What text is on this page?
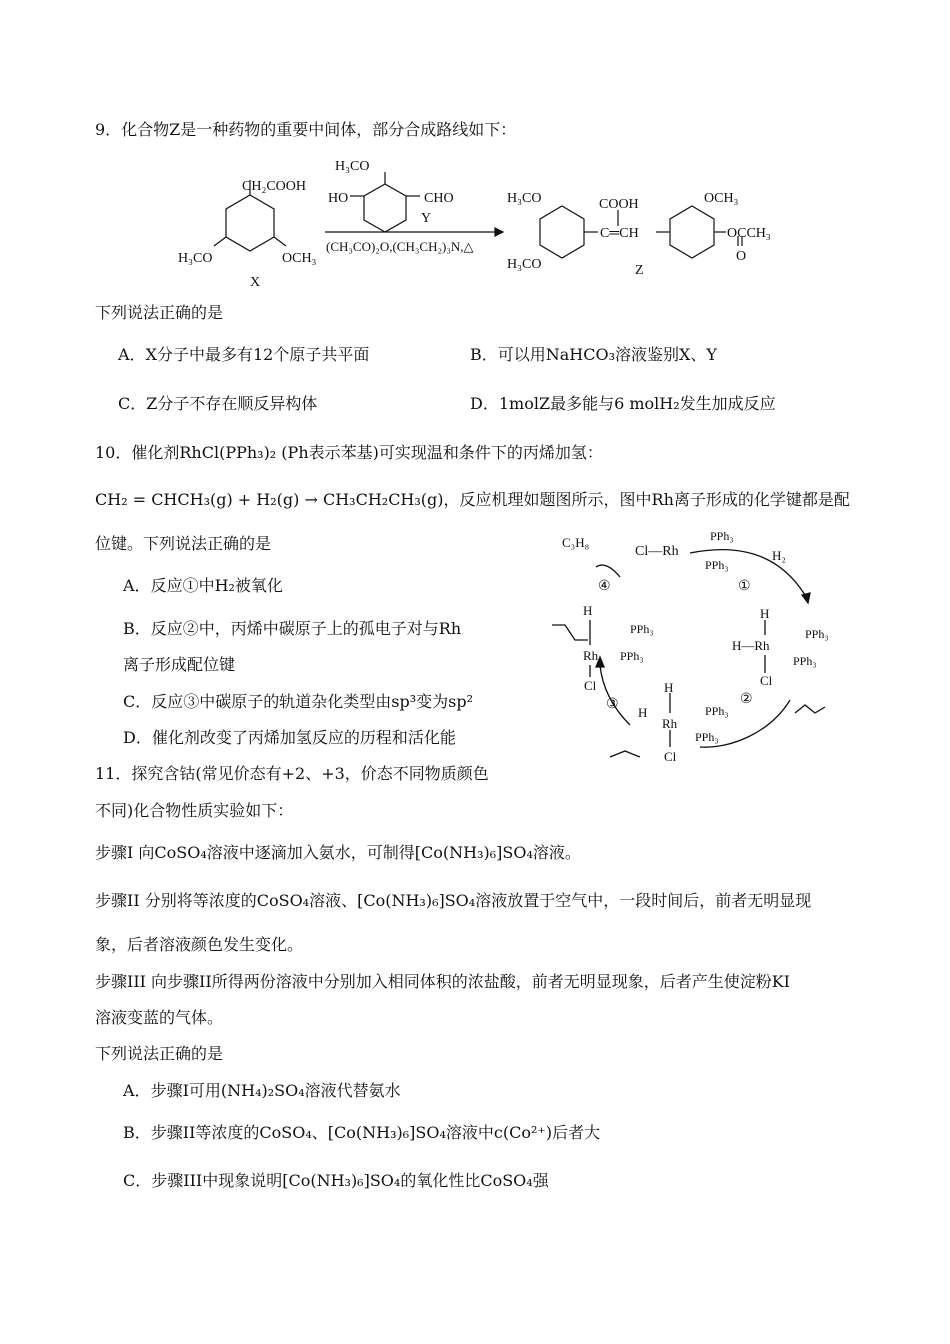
9．化合物Z是一种药物的重要中间体，部分合成路线如下：
CH₂COOH
H₃CO	OCH₃
X
H₃CO
HO	CHO
Y
(CH₃CO)₂O,(CH₃CH₂)₃N,△
H₃CO
H₃CO
COOH
C═CH
OCH₃
OCCH₃
O
Z
下列说法正确的是
A．X分子中最多有12个原子共平面	B．可以用NaHCO₃溶液鉴别X、Y
C．Z分子不存在顺反异构体	D．1molZ最多能与6 molH₂发生加成反应
10．催化剂RhCl(PPh₃)₂ (Ph表示苯基)可实现温和条件下的丙烯加氢：
CH₂ = CHCH₃(g) + H₂(g) → CH₃CH₂CH₃(g)，反应机理如题图所示，图中Rh离子形成的化学键都是配
位键。下列说法正确的是
A．反应①中H₂被氧化
B．反应②中，丙烯中碳原子上的孤电子对与Rh
离子形成配位键
C．反应③中碳原子的轨道杂化类型由sp³变为sp²
D．催化剂改变了丙烯加氢反应的历程和活化能
Cl—Rh
PPh₃
PPh₃
C₃H₈
H₂
①
④
H
Rh
PPh₃
PPh₃
Cl
H
H—Rh
PPh₃
PPh₃
Cl
②
③
H
H
Rh
PPh₃
PPh₃
Cl
11．探究含钴(常见价态有+2、+3，价态不同物质颜色
不同)化合物性质实验如下：
步骤I 向CoSO₄溶液中逐滴加入氨水，可制得[Co(NH₃)₆]SO₄溶液。
步骤II 分别将等浓度的CoSO₄溶液、[Co(NH₃)₆]SO₄溶液放置于空气中，一段时间后，前者无明显现
象，后者溶液颜色发生变化。
步骤III 向步骤II所得两份溶液中分别加入相同体积的浓盐酸，前者无明显现象，后者产生使淀粉KI
溶液变蓝的气体。
下列说法正确的是
A．步骤I可用(NH₄)₂SO₄溶液代替氨水
B．步骤II等浓度的CoSO₄、[Co(NH₃)₆]SO₄溶液中c(Co²⁺)后者大
C．步骤III中现象说明[Co(NH₃)₆]SO₄的氧化性比CoSO₄强
